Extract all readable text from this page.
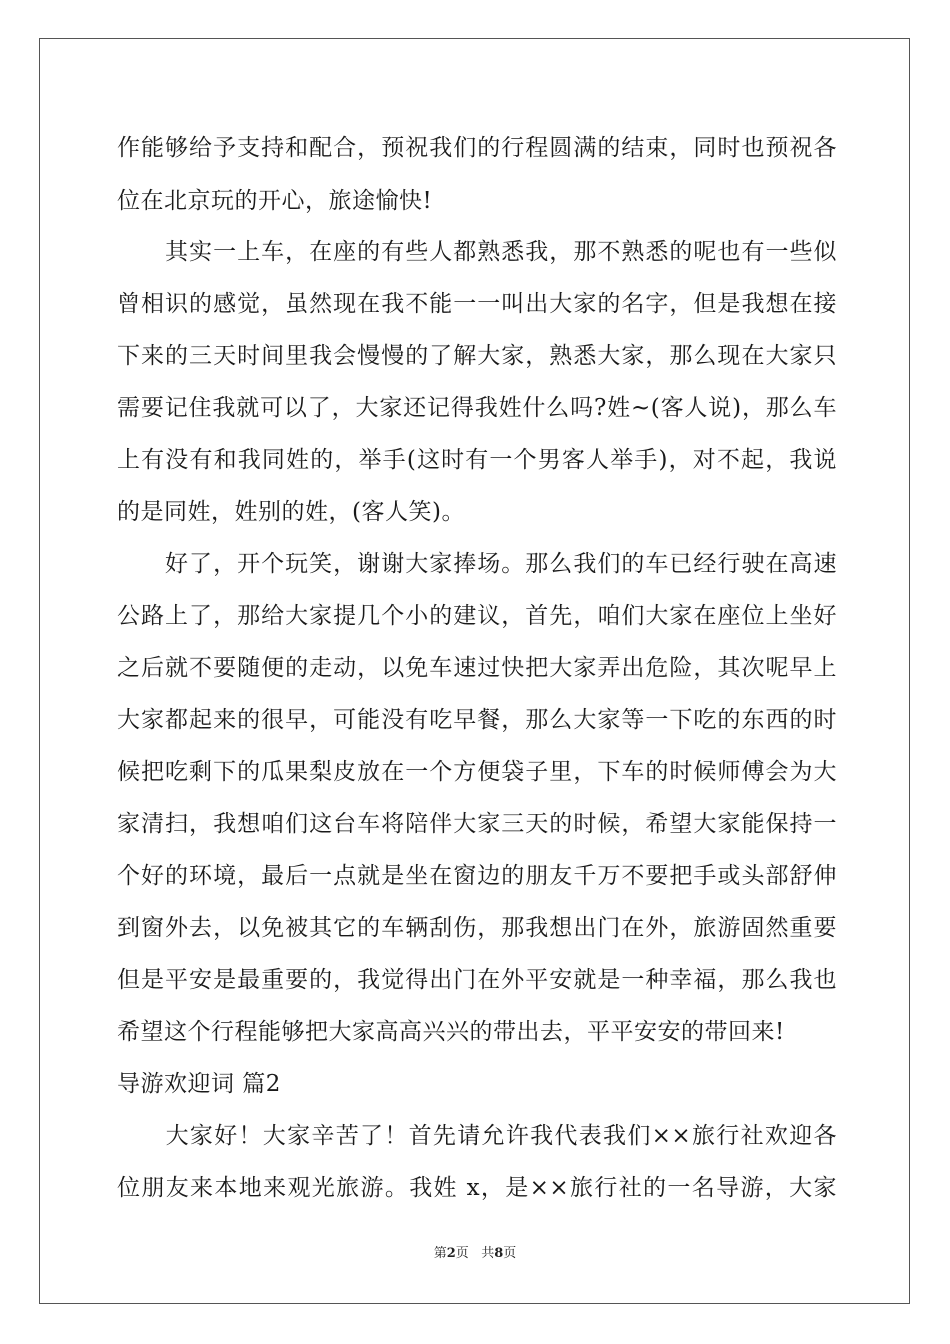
作能够给予支持和配合，预祝我们的行程圆满的结束，同时也预祝各
位在北京玩的开心，旅途愉快!
　　其实一上车，在座的有些人都熟悉我，那不熟悉的呢也有一些似
曾相识的感觉，虽然现在我不能一一叫出大家的名字，但是我想在接
下来的三天时间里我会慢慢的了解大家，熟悉大家，那么现在大家只
需要记住我就可以了，大家还记得我姓什么吗?姓~(客人说)，那么车
上有没有和我同姓的，举手(这时有一个男客人举手)，对不起，我说
的是同姓，姓别的姓，(客人笑)。
　　好了，开个玩笑，谢谢大家捧场。那么我们的车已经行驶在高速
公路上了，那给大家提几个小的建议，首先，咱们大家在座位上坐好
之后就不要随便的走动，以免车速过快把大家弄出危险，其次呢早上
大家都起来的很早，可能没有吃早餐，那么大家等一下吃的东西的时
候把吃剩下的瓜果梨皮放在一个方便袋子里，下车的时候师傅会为大
家清扫，我想咱们这台车将陪伴大家三天的时候，希望大家能保持一
个好的环境，最后一点就是坐在窗边的朋友千万不要把手或头部舒伸
到窗外去，以免被其它的车辆刮伤，那我想出门在外，旅游固然重要
但是平安是最重要的，我觉得出门在外平安就是一种幸福，那么我也
希望这个行程能够把大家高高兴兴的带出去，平平安安的带回来!
导游欢迎词 篇2
　　大家好！大家辛苦了！首先请允许我代表我们××旅行社欢迎各
位朋友来本地来观光旅游。我姓 x，是××旅行社的一名导游，大家
第2页 共8页
